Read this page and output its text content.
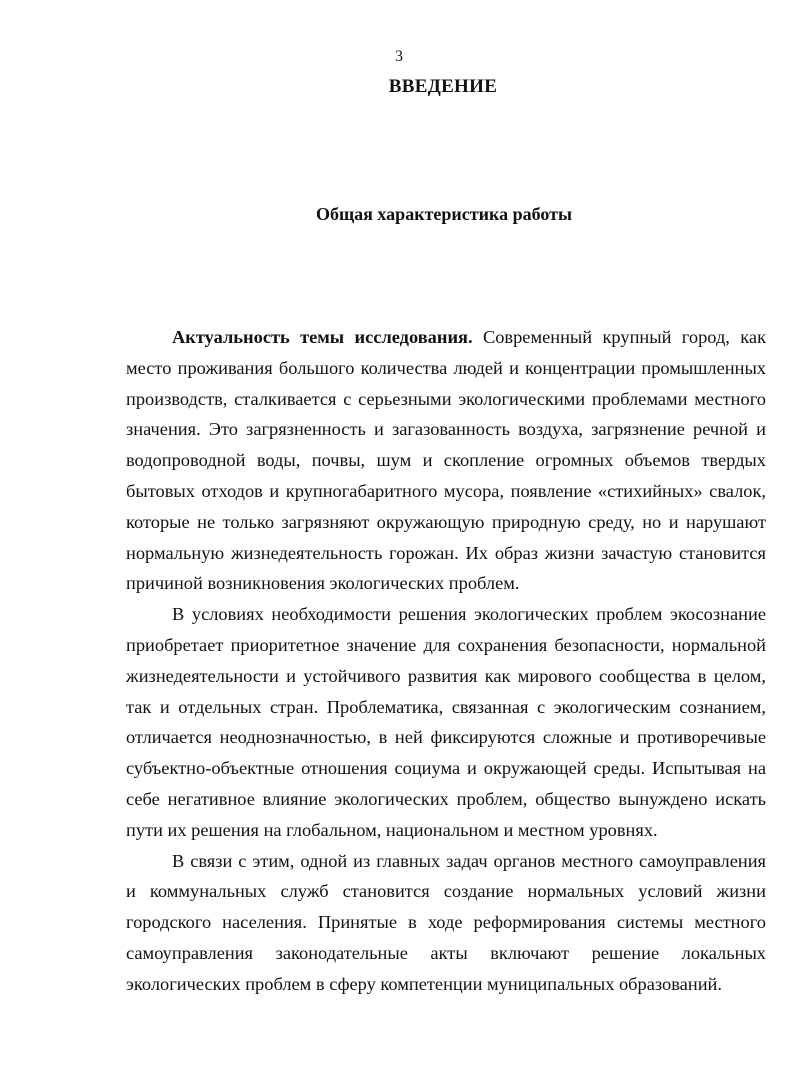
3
ВВЕДЕНИЕ
Общая характеристика работы

Актуальность темы исследования. Современный крупный город, как место проживания большого количества людей и концентрации промышленных производств, сталкивается с серьезными экологическими проблемами местного значения. Это загрязненность и загазованность воздуха, загрязнение речной и водопроводной воды, почвы, шум и скопление огромных объемов твердых бытовых отходов и крупногабаритного мусора, появление «стихийных» свалок, которые не только загрязняют окружающую природную среду, но и нарушают нормальную жизнедеятельность горожан. Их образ жизни зачастую становится причиной возникновения экологических проблем.

В условиях необходимости решения экологических проблем экосознание приобретает приоритетное значение для сохранения безопасности, нормальной жизнедеятельности и устойчивого развития как мирового сообщества в целом, так и отдельных стран. Проблематика, связанная с экологическим сознанием, отличается неоднозначностью, в ней фиксируются сложные и противоречивые субъектно-объектные отношения социума и окружающей среды. Испытывая на себе негативное влияние экологических проблем, общество вынуждено искать пути их решения на глобальном, национальном и местном уровнях.

В связи с этим, одной из главных задач органов местного самоуправления и коммунальных служб становится создание нормальных условий жизни городского населения. Принятые в ходе реформирования системы местного самоуправления законодательные акты включают решение локальных экологических проблем в сферу компетенции муниципальных образований.
